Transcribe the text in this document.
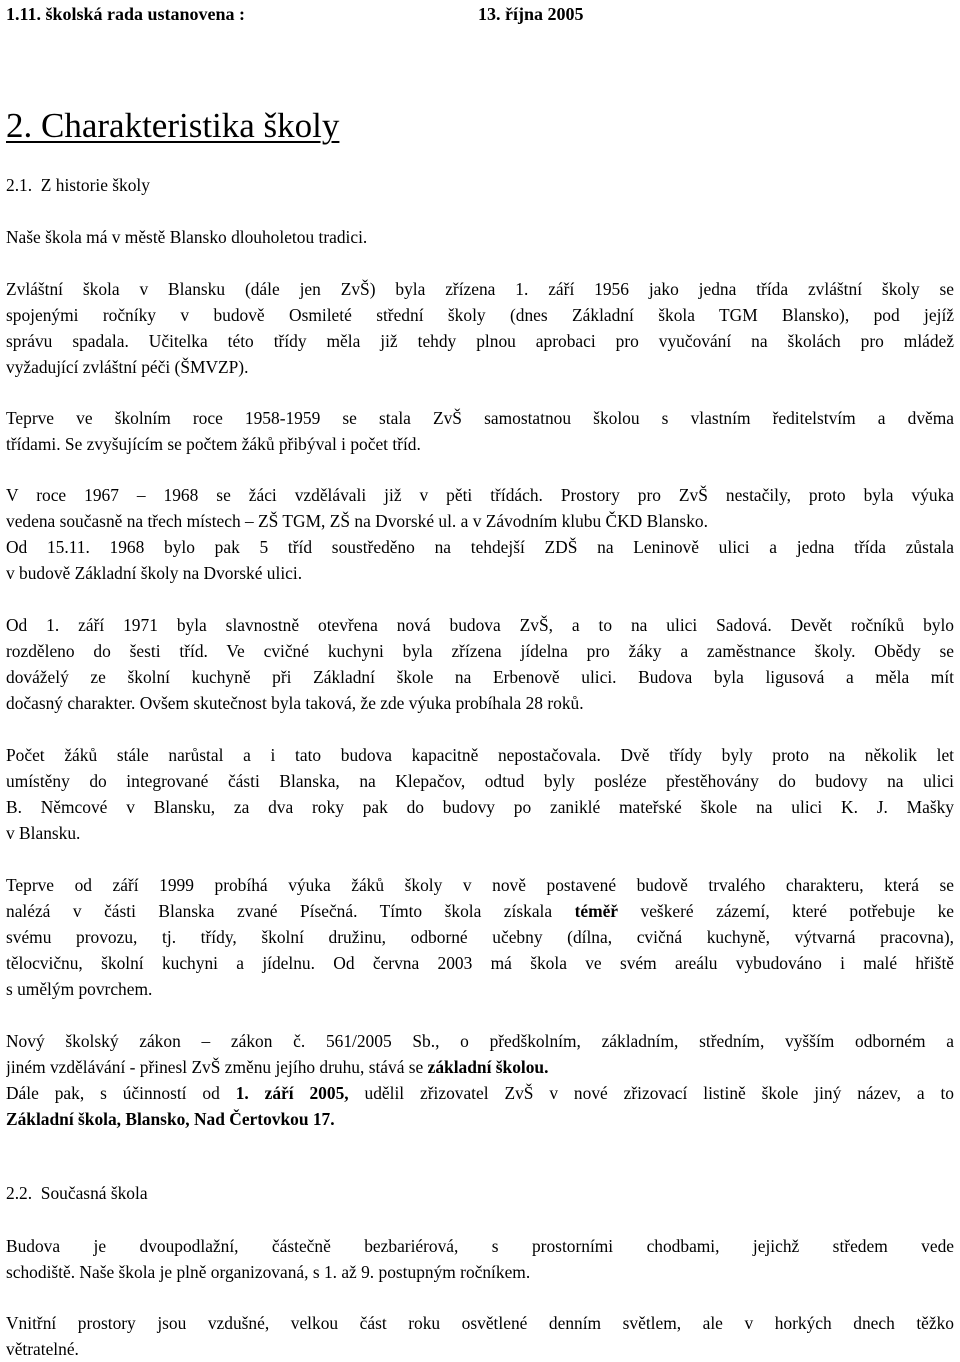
1.11. školská rada ustanovena :	13. října 2005
2. Charakteristika školy
2.1. Z historie školy
Naše škola má v městě Blansko dlouholetou tradici.
Zvláštní škola v Blansku (dále jen ZvŠ) byla zřízena 1. září 1956 jako jedna třída zvláštní školy se
spojenými ročníky v budově Osmileté střední školy (dnes Základní škola TGM Blansko), pod jejíž
správu spadala. Učitelka této třídy měla již tehdy plnou aprobaci pro vyučování na školách pro mládež
vyžadující zvláštní péči (ŠMVZP).
Teprve ve školním roce 1958-1959 se stala ZvŠ samostatnou školou s vlastním ředitelstvím a dvěma
třídami. Se zvyšujícím se počtem žáků přibýval i počet tříd.
V roce 1967 – 1968 se žáci vzdělávali již v pěti třídách. Prostory pro ZvŠ nestačily, proto byla výuka
vedena současně na třech místech – ZŠ TGM, ZŠ na Dvorské ul. a v Závodním klubu ČKD Blansko.
Od 15.11. 1968 bylo pak 5 tříd soustředěno na tehdejší ZDŠ na Leninově ulici a jedna třída zůstala
v budově Základní školy na Dvorské ulici.
Od 1. září 1971 byla slavnostně otevřena nová budova ZvŠ, a to na ulici Sadová. Devět ročníků bylo
rozděleno do šesti tříd. Ve cvičné kuchyni byla zřízena jídelna pro žáky a zaměstnance školy. Obědy se
dováželý ze školní kuchyně při Základní škole na Erbenově ulici. Budova byla ligusová a měla mít
dočasný charakter. Ovšem skutečnost byla taková, že zde výuka probíhala 28 roků.
Počet žáků stále narůstal a i tato budova kapacitně nepostačovala. Dvě třídy byly proto na několik let
umístěny do integrované části Blanska, na Klepačov, odtud byly posléze přestěhovány do budovy na ulici
B. Němcové v Blansku, za dva roky pak do budovy po zaniklé mateřské škole na ulici K. J. Mašky
v Blansku.
Teprve od září 1999 probíhá výuka žáků školy v nově postavené budově trvalého charakteru, která se
nalézá v části Blanska zvané Písečná. Tímto škola získala téměř veškeré zázemí, které potřebuje ke
svému provozu, tj. třídy, školní družinu, odborné učebny (dílna, cvičná kuchyně, výtvarná pracovna),
tělocvičnu, školní kuchyni a jídelnu. Od června 2003 má škola ve svém areálu vybudováno i malé hřiště
s umělým povrchem.
Nový školský zákon – zákon č. 561/2005 Sb., o předškolním, základním, středním, vyšším odborném a
jiném vzdělávání - přinesl ZvŠ změnu jejího druhu, stává se základní školou.
Dále pak, s účinností od 1. září 2005, udělil zřizovatel ZvŠ v nové zřizovací listině škole jiný název, a to
Základní škola, Blansko, Nad Čertovkou 17.
2.2. Současná škola
Budova je dvoupodlažní, částečně bezbariérová, s prostorními chodbami, jejichž středem vede
schodiště. Naše škola je plně organizovaná, s 1. až 9. postupným ročníkem.
Vnitřní prostory jsou vzdušné, velkou část roku osvětlené denním světlem, ale v horkých dnech těžko
větratelné.
